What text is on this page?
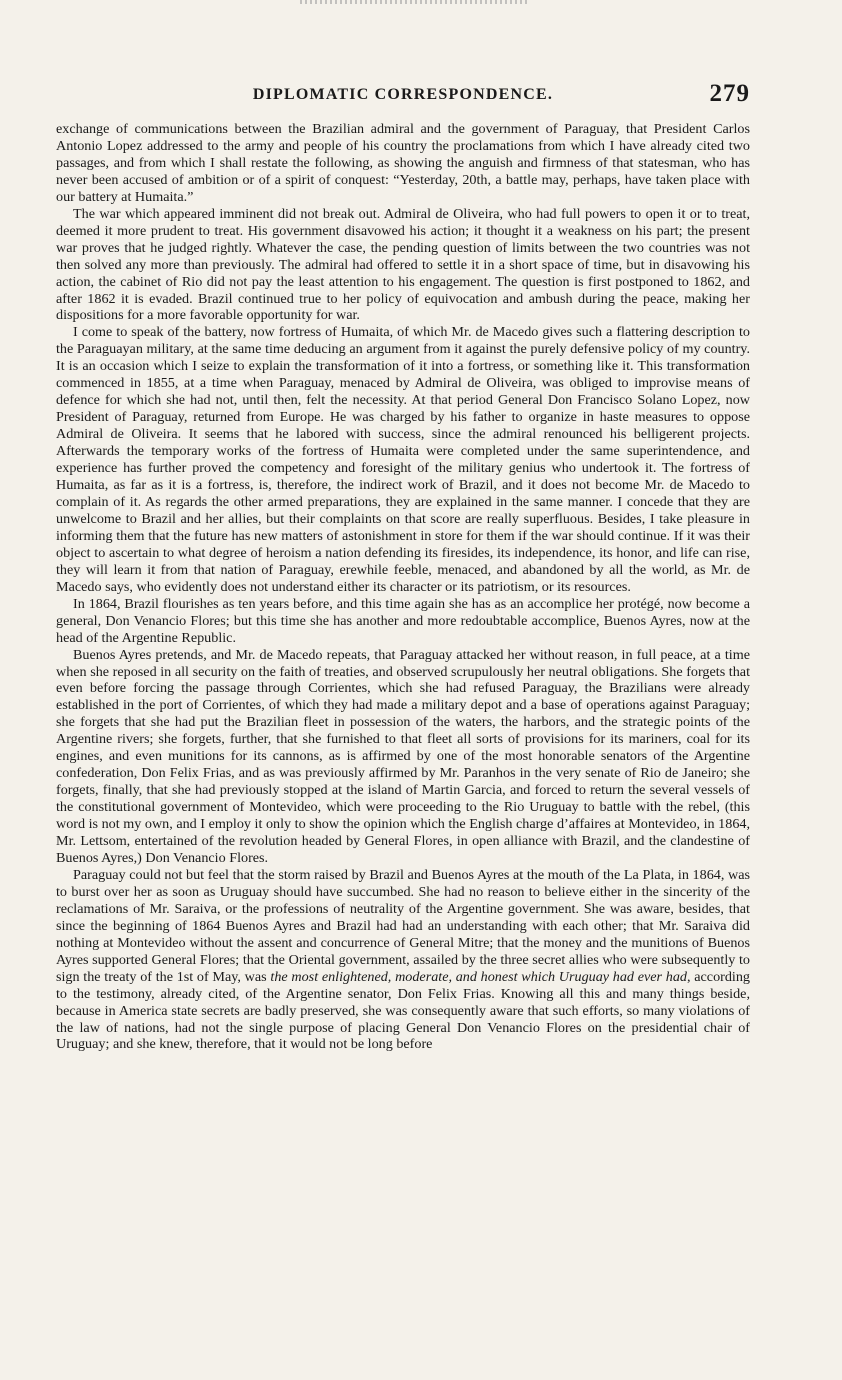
DIPLOMATIC CORRESPONDENCE.	279

exchange of communications between the Brazilian admiral and the government of Paraguay, that President Carlos Antonio Lopez addressed to the army and people of his country the proclamations from which I have already cited two passages, and from which I shall restate the following, as showing the anguish and firmness of that statesman, who has never been accused of ambition or of a spirit of conquest: “Yesterday, 20th, a battle may, perhaps, have taken place with our battery at Humaita.”

The war which appeared imminent did not break out. Admiral de Oliveira, who had full powers to open it or to treat, deemed it more prudent to treat. His government disavowed his action; it thought it a weakness on his part; the present war proves that he judged rightly. Whatever the case, the pending question of limits between the two countries was not then solved any more than previously. The admiral had offered to settle it in a short space of time, but in disavowing his action, the cabinet of Rio did not pay the least attention to his engagement. The question is first postponed to 1862, and after 1862 it is evaded. Brazil continued true to her policy of equivocation and ambush during the peace, making her dispositions for a more favorable opportunity for war.

I come to speak of the battery, now fortress of Humaita, of which Mr. de Macedo gives such a flattering description to the Paraguayan military, at the same time deducing an argument from it against the purely defensive policy of my country. It is an occasion which I seize to explain the transformation of it into a fortress, or something like it. This transformation commenced in 1855, at a time when Paraguay, menaced by Admiral de Oliveira, was obliged to improvise means of defence for which she had not, until then, felt the necessity. At that period General Don Francisco Solano Lopez, now President of Paraguay, returned from Europe. He was charged by his father to organize in haste measures to oppose Admiral de Oliveira. It seems that he labored with success, since the admiral renounced his belligerent projects. Afterwards the temporary works of the fortress of Humaita were completed under the same superintendence, and experience has further proved the competency and foresight of the military genius who undertook it. The fortress of Humaita, as far as it is a fortress, is, therefore, the indirect work of Brazil, and it does not become Mr. de Macedo to complain of it. As regards the other armed preparations, they are explained in the same manner. I concede that they are unwelcome to Brazil and her allies, but their complaints on that score are really superfluous. Besides, I take pleasure in informing them that the future has new matters of astonishment in store for them if the war should continue. If it was their object to ascertain to what degree of heroism a nation defending its firesides, its independence, its honor, and life can rise, they will learn it from that nation of Paraguay, erewhile feeble, menaced, and abandoned by all the world, as Mr. de Macedo says, who evidently does not understand either its character or its patriotism, or its resources.

In 1864, Brazil flourishes as ten years before, and this time again she has as an accomplice her protégé, now become a general, Don Venancio Flores; but this time she has another and more redoubtable accomplice, Buenos Ayres, now at the head of the Argentine Republic.

Buenos Ayres pretends, and Mr. de Macedo repeats, that Paraguay attacked her without reason, in full peace, at a time when she reposed in all security on the faith of treaties, and observed scrupulously her neutral obligations. She forgets that even before forcing the passage through Corrientes, which she had refused Paraguay, the Brazilians were already established in the port of Corrientes, of which they had made a military depot and a base of operations against Paraguay; she forgets that she had put the Brazilian fleet in possession of the waters, the harbors, and the strategic points of the Argentine rivers; she forgets, further, that she furnished to that fleet all sorts of provisions for its mariners, coal for its engines, and even munitions for its cannons, as is affirmed by one of the most honorable senators of the Argentine confederation, Don Felix Frias, and as was previously affirmed by Mr. Paranhos in the very senate of Rio de Janeiro; she forgets, finally, that she had previously stopped at the island of Martin Garcia, and forced to return the several vessels of the constitutional government of Montevideo, which were proceeding to the Rio Uruguay to battle with the rebel, (this word is not my own, and I employ it only to show the opinion which the English charge d’affaires at Montevideo, in 1864, Mr. Lettsom, entertained of the revolution headed by General Flores, in open alliance with Brazil, and the clandestine of Buenos Ayres,) Don Venancio Flores.

Paraguay could not but feel that the storm raised by Brazil and Buenos Ayres at the mouth of the La Plata, in 1864, was to burst over her as soon as Uruguay should have succumbed. She had no reason to believe either in the sincerity of the reclamations of Mr. Saraiva, or the professions of neutrality of the Argentine government. She was aware, besides, that since the beginning of 1864 Buenos Ayres and Brazil had had an understanding with each other; that Mr. Saraiva did nothing at Montevideo without the assent and concurrence of General Mitre; that the money and the munitions of Buenos Ayres supported General Flores; that the Oriental government, assailed by the three secret allies who were subsequently to sign the treaty of the 1st of May, was the most enlightened, moderate, and honest which Uruguay had ever had, according to the testimony, already cited, of the Argentine senator, Don Felix Frias. Knowing all this and many things beside, because in America state secrets are badly preserved, she was consequently aware that such efforts, so many violations of the law of nations, had not the single purpose of placing General Don Venancio Flores on the presidential chair of Uruguay; and she knew, therefore, that it would not be long before
